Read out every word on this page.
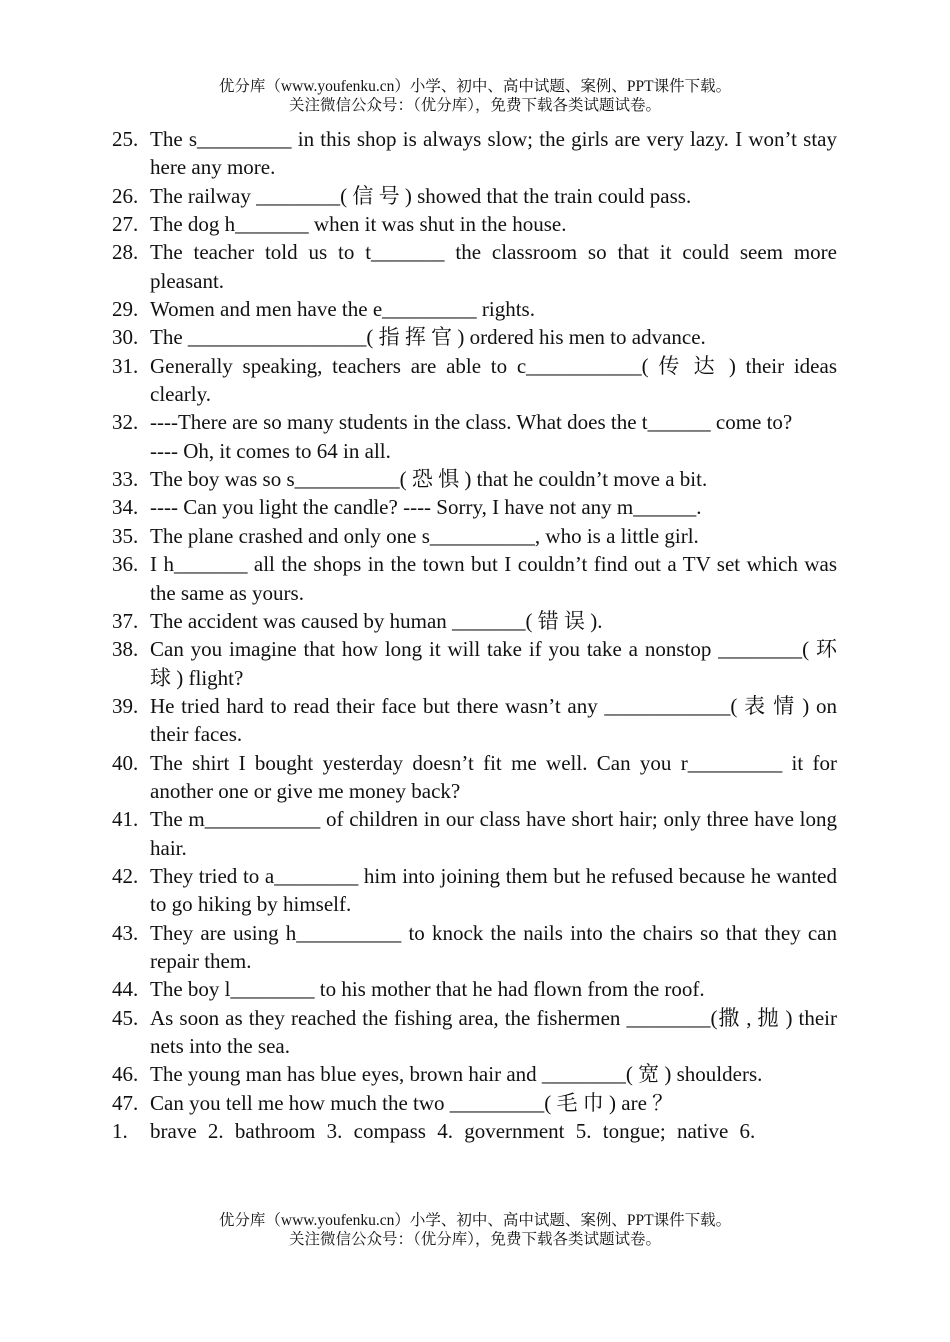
优分库（www.youfenku.cn）小学、初中、高中试题、案例、PPT课件下载。
关注微信公众号：（优分库），免费下载各类试题试卷。
25. The s_________ in this shop is always slow; the girls are very lazy. I won’t stay here any more.

26. The railway ________( 信 号 ) showed that the train could pass.

27. The dog h_______ when it was shut in the house.

28. The teacher told us to t_______ the classroom so that it could seem more pleasant.

29. Women and men have the e_________ rights.

30. The _________________( 指 挥 官 ) ordered his men to advance.

31. Generally speaking, teachers are able to c___________( 传 达 ) their ideas clearly.

32. ----There are so many students in the class. What does the t______ come to?

---- Oh, it comes to 64 in all.

33. The boy was so s__________( 恐 惧 ) that he couldn’t move a bit.

34. ---- Can you light the candle? ---- Sorry, I have not any m______.

35. The plane crashed and only one s__________, who is a little girl.

36. I h_______ all the shops in the town but I couldn’t find out a TV set which was the same as yours.

37. The accident was caused by human _______( 错 误 ).

38. Can you imagine that how long it will take if you take a nonstop ________( 环 球 ) flight?

39. He tried hard to read their face but there wasn’t any ____________( 表 情 ) on their faces.

40. The shirt I bought yesterday doesn’t fit me well. Can you r_________ it for another one or give me money back?

41. The m___________ of children in our class have short hair; only three have long hair.

42. They tried to a________ him into joining them but he refused because he wanted to go hiking by himself.

43. They are using h__________ to knock the nails into the chairs so that they can repair them.

44. The boy l________ to his mother that he had flown from the roof.

45. As soon as they reached the fishing area, the fishermen ________(撒 , 抛 ) their nets into the sea.

46. The young man has blue eyes, brown hair and ________( 宽 ) shoulders.

47. Can you tell me how much the two _________( 毛 巾 ) are ？

1.	brave 2. bathroom 3. compass 4. government 5. tongue; native 6.
优分库（www.youfenku.cn）小学、初中、高中试题、案例、PPT课件下载。
关注微信公众号：（优分库），免费下载各类试题试卷。
